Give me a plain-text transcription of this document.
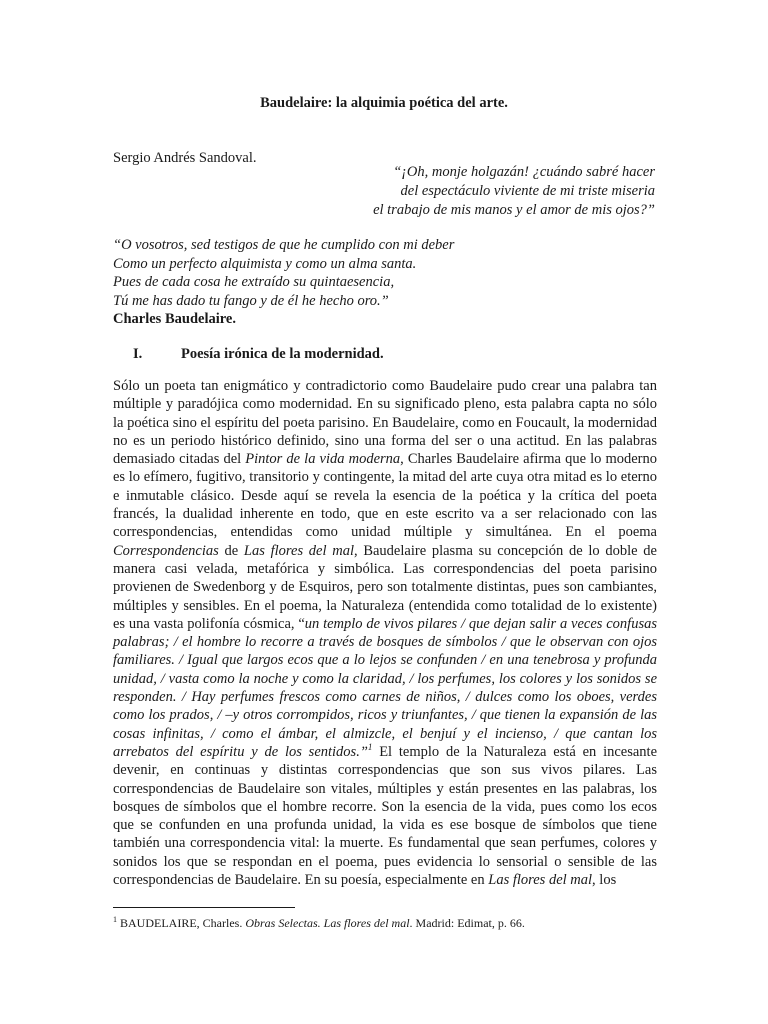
Baudelaire: la alquimia poética del arte.
Sergio Andrés Sandoval.
“¡Oh, monje holgazán! ¿cuándo sabré hacer
del espectáculo viviente de mi triste miseria
el trabajo de mis manos y el amor de mis ojos?”
“O vosotros, sed testigos de que he cumplido con mi deber
Como un perfecto alquimista y como un alma santa.
Pues de cada cosa he extraído su quintaesencia,
Tú me has dado tu fango y de él he hecho oro.”
Charles Baudelaire.
I.	Poesía irónica de la modernidad.

Sólo un poeta tan enigmático y contradictorio como Baudelaire pudo crear una palabra tan múltiple y paradójica como modernidad. En su significado pleno, esta palabra capta no sólo la poética sino el espíritu del poeta parisino. En Baudelaire, como en Foucault, la modernidad no es un periodo histórico definido, sino una forma del ser o una actitud. En las palabras demasiado citadas del Pintor de la vida moderna, Charles Baudelaire afirma que lo moderno es lo efímero, fugitivo, transitorio y contingente, la mitad del arte cuya otra mitad es lo eterno e inmutable clásico. Desde aquí se revela la esencia de la poética y la crítica del poeta francés, la dualidad inherente en todo, que en este escrito va a ser relacionado con las correspondencias, entendidas como unidad múltiple y simultánea. En el poema Correspondencias de Las flores del mal, Baudelaire plasma su concepción de lo doble de manera casi velada, metafórica y simbólica. Las correspondencias del poeta parisino provienen de Swedenborg y de Esquiros, pero son totalmente distintas, pues son cambiantes, múltiples y sensibles. En el poema, la Naturaleza (entendida como totalidad de lo existente) es una vasta polifonía cósmica, “un templo de vivos pilares / que dejan salir a veces confusas palabras; / el hombre lo recorre a través de bosques de símbolos / que le observan con ojos familiares. / Igual que largos ecos que a lo lejos se confunden / en una tenebrosa y profunda unidad, / vasta como la noche y como la claridad, / los perfumes, los colores y los sonidos se responden. / Hay perfumes frescos como carnes de niños, / dulces como los oboes, verdes como los prados, / –y otros corrompidos, ricos y triunfantes, / que tienen la expansión de las cosas infinitas, / como el ámbar, el almizcle, el benjuí y el incienso, / que cantan los arrebatos del espíritu y de los sentidos.”$^1$ El templo de la Naturaleza está en incesante devenir, en continuas y distintas correspondencias que son sus vivos pilares. Las correspondencias de Baudelaire son vitales, múltiples y están presentes en las palabras, los bosques de símbolos que el hombre recorre. Son la esencia de la vida, pues como los ecos que se confunden en una profunda unidad, la vida es ese bosque de símbolos que tiene también una correspondencia vital: la muerte. Es fundamental que sean perfumes, colores y sonidos los que se respondan en el poema, pues evidencia lo sensorial o sensible de las correspondencias de Baudelaire. En su poesía, especialmente en Las flores del mal, los

$^1$ BAUDELAIRE, Charles. Obras Selectas. Las flores del mal. Madrid: Edimat, p. 66.
